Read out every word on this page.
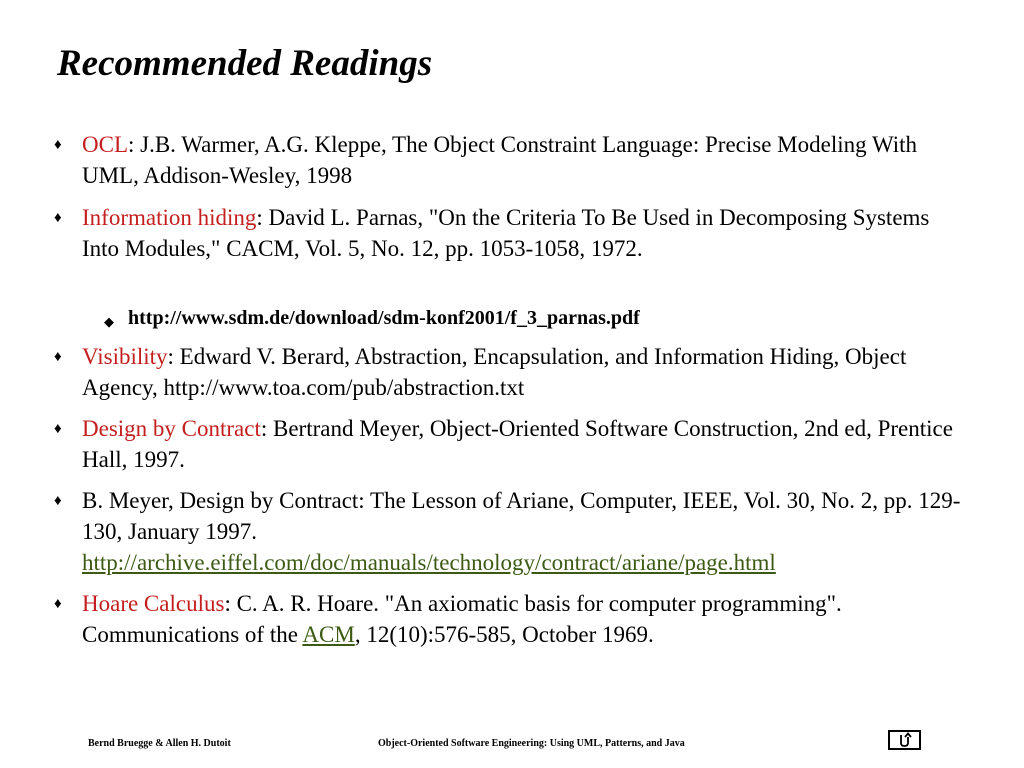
Recommended Readings
♦ OCL: J.B. Warmer, A.G. Kleppe, The Object Constraint Language: Precise Modeling With UML, Addison-Wesley, 1998
♦ Information hiding: David L. Parnas, "On the Criteria To Be Used in Decomposing Systems Into Modules," CACM, Vol. 5, No. 12, pp. 1053-1058, 1972.
◆ http://www.sdm.de/download/sdm-konf2001/f_3_parnas.pdf
♦ Visibility: Edward V. Berard, Abstraction, Encapsulation, and Information Hiding, Object Agency, http://www.toa.com/pub/abstraction.txt
♦ Design by Contract: Bertrand Meyer, Object-Oriented Software Construction, 2nd ed, Prentice Hall, 1997.
♦ B. Meyer, Design by Contract: The Lesson of Ariane, Computer, IEEE, Vol. 30, No. 2, pp. 129-130, January 1997.
http://archive.eiffel.com/doc/manuals/technology/contract/ariane/page.html
♦ Hoare Calculus: C. A. R. Hoare. "An axiomatic basis for computer programming". Communications of the ACM, 12(10):576-585, October 1969.
Bernd Bruegge & Allen H. Dutoit	Object-Oriented Software Engineering: Using UML, Patterns, and Java
